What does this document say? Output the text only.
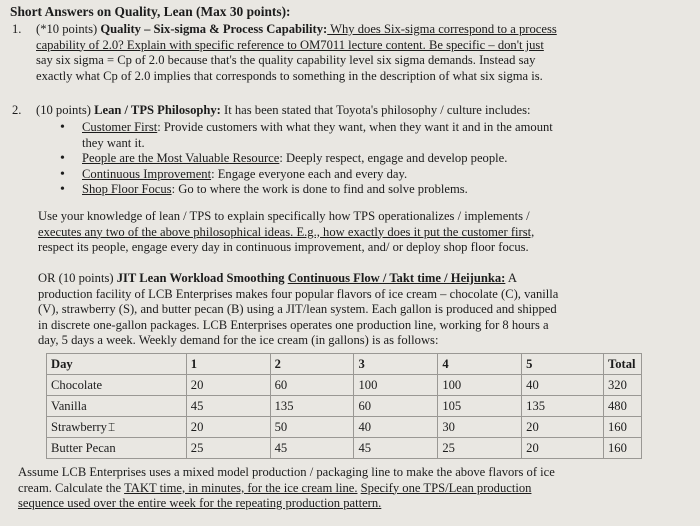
Short Answers on Quality, Lean (Max 30 points):
1. (*10 points) Quality – Six-sigma & Process Capability: Why does Six-sigma correspond to a process
capability of 2.0? Explain with specific reference to OM7011 lecture content. Be specific – don't just
say six sigma = Cp of 2.0 because that's the quality capability level six sigma demands. Instead say
exactly what Cp of 2.0 implies that corresponds to something in the description of what six sigma is.
2. (10 points) Lean / TPS Philosophy: It has been stated that Toyota's philosophy / culture includes:
• Customer First: Provide customers with what they want, when they want it and in the amount
they want it.
• People are the Most Valuable Resource: Deeply respect, engage and develop people.
• Continuous Improvement: Engage everyone each and every day.
• Shop Floor Focus: Go to where the work is done to find and solve problems.
Use your knowledge of lean / TPS to explain specifically how TPS operationalizes / implements /
executes any two of the above philosophical ideas. E.g., how exactly does it put the customer first,
respect its people, engage every day in continuous improvement, and/ or deploy shop floor focus.
OR (10 points) JIT Lean Workload Smoothing Continuous Flow / Takt time / Heijunka: A
production facility of LCB Enterprises makes four popular flavors of ice cream – chocolate (C), vanilla
(V), strawberry (S), and butter pecan (B) using a JIT/lean system. Each gallon is produced and shipped
in discrete one-gallon packages. LCB Enterprises operates one production line, working for 8 hours a
day, 5 days a week. Weekly demand for the ice cream (in gallons) is as follows:
Day	1	2	3	4	5	Total
Chocolate	20	60	100	100	40	320
Vanilla	45	135	60	105	135	480
Strawberry⌶	20	50	40	30	20	160
Butter Pecan	25	45	45	25	20	160
Assume LCB Enterprises uses a mixed model production / packaging line to make the above flavors of ice
cream. Calculate the TAKT time, in minutes, for the ice cream line. Specify one TPS/Lean production
sequence used over the entire week for the repeating production pattern.
